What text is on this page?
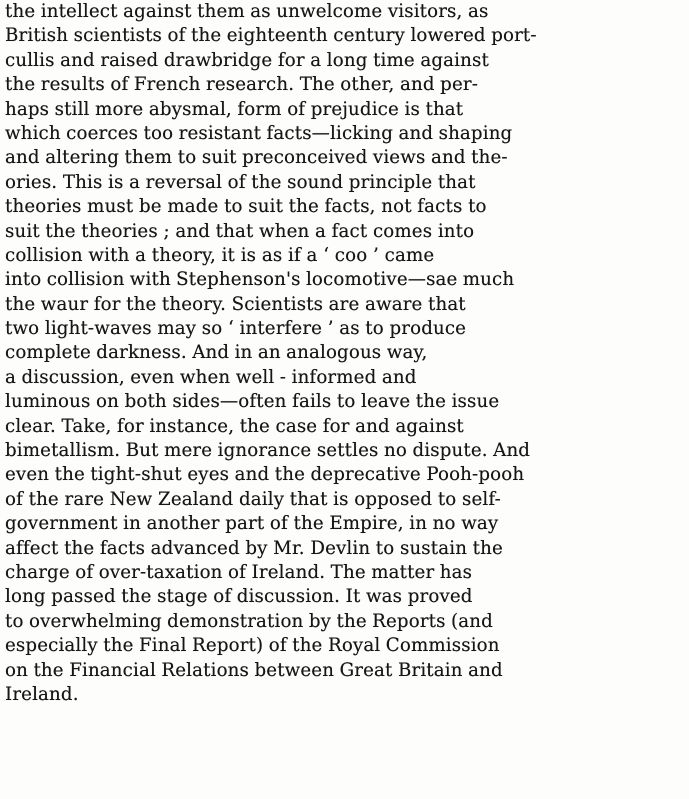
the intellect against them as unwelcome visitors, as
British scientists of the eighteenth century lowered port-
cullis and raised drawbridge for a long time against
the results of French research. The other, and per-
haps still more abysmal, form of prejudice is that
which coerces too resistant facts—licking and shaping
and altering them to suit preconceived views and the-
ories. This is a reversal of the sound principle that
theories must be made to suit the facts, not facts to
suit the theories ; and that when a fact comes into
collision with a theory, it is as if a ‘ coo ’ came
into collision with Stephenson's locomotive—sae much
the waur for the theory. Scientists are aware that
two light-waves may so ‘ interfere ’ as to produce
complete darkness. And in an analogous way,
a discussion, even when well - informed and
luminous on both sides—often fails to leave the issue
clear. Take, for instance, the case for and against
bimetallism. But mere ignorance settles no dispute. And
even the tight-shut eyes and the deprecative Pooh-pooh
of the rare New Zealand daily that is opposed to self-
government in another part of the Empire, in no way
affect the facts advanced by Mr. Devlin to sustain the
charge of over-taxation of Ireland. The matter has
long passed the stage of discussion. It was proved
to overwhelming demonstration by the Reports (and
especially the Final Report) of the Royal Commission
on the Financial Relations between Great Britain and
Ireland.
